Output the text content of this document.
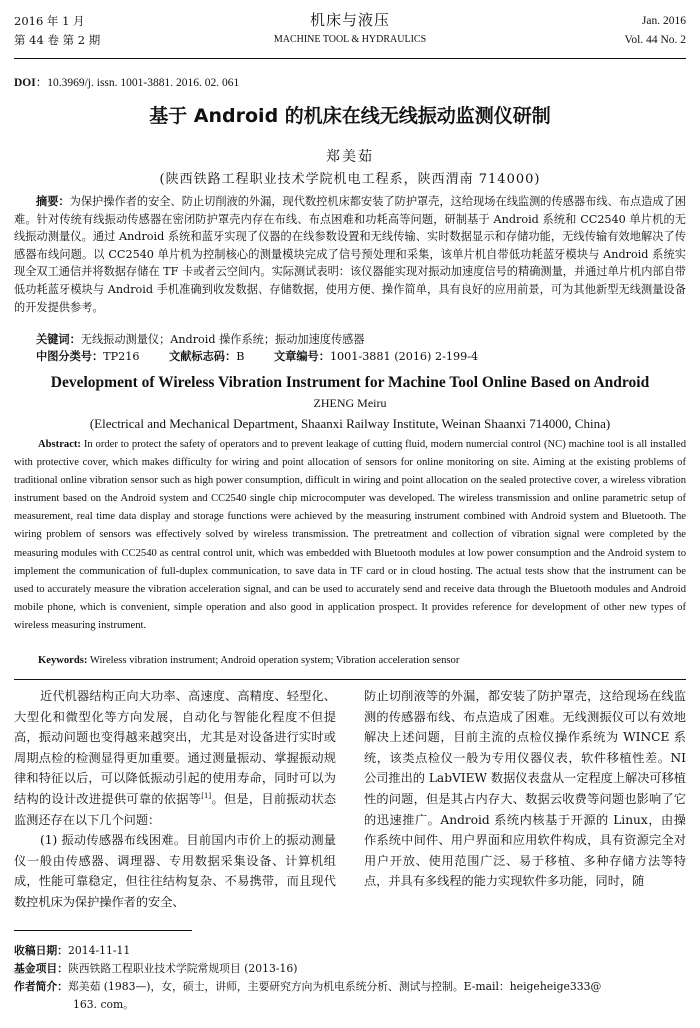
2016 年 1 月
第 44 卷 第 2 期
机床与液压
MACHINE TOOL & HYDRAULICS
Jan. 2016
Vol. 44 No. 2
DOI：10.3969/j. issn. 1001-3881. 2016. 02. 061
基于 Android 的机床在线无线振动监测仪研制
郑美茹
(陕西铁路工程职业技术学院机电工程系，陕西渭南 714000)
摘要：为保护操作者的安全、防止切削液的外漏，现代数控机床都安装了防护罩壳，这给现场在线监测的传感器布线、布点造成了困难。针对传统有线振动传感器在密闭防护罩壳内存在布线、布点困难和功耗高等问题，研制基于 Android 系统和 CC2540 单片机的无线振动测量仪。通过 Android 系统和蓝牙实现了仪器的在线参数设置和无线传输、实时数据显示和存储功能，无线传输有效地解决了传感器布线问题。以 CC2540 单片机为控制核心的测量模块完成了信号预处理和采集，该单片机自带低功耗蓝牙模块与 Android 系统实现全双工通信并将数据存储在 TF 卡或者云空间内。实际测试表明：该仪器能实现对振动加速度信号的精确测量，并通过单片机内部自带低功耗蓝牙模块与 Android 手机准确到收发数据、存储数据，使用方便、操作简单，具有良好的应用前景，可为其他新型无线测量设备的开发提供参考。
关键词：无线振动测量仪；Android 操作系统；振动加速度传感器
中图分类号：TP216	文献标志码：B	文章编号：1001-3881 (2016) 2-199-4
Development of Wireless Vibration Instrument for Machine Tool Online Based on Android
ZHENG Meiru
(Electrical and Mechanical Department, Shaanxi Railway Institute, Weinan Shaanxi 714000, China)
Abstract: In order to protect the safety of operators and to prevent leakage of cutting fluid, modern numercial control (NC) machine tool is all installed with protective cover, which makes difficulty for wiring and point allocation of sensors for online monitoring on site. Aiming at the existing problems of traditional online vibration sensor such as high power consumption, difficult in wiring and point allocation on the sealed protective cover, a wireless vibration instrument based on the Android system and CC2540 single chip microcomputer was developed. The wireless transmission and online parametric setup of measurement, real time data display and storage functions were achieved by the measuring instrument combined with Android system and Bluetooth. The wiring problem of sensors was effectively solved by wireless transmission. The pretreatment and collection of vibration signal were completed by the measuring modules with CC2540 as central control unit, which was embedded with Bluetooth modules at low power consumption and the Android system to implement the communication of full-duplex communication, to save data in TF card or in cloud hosting. The actual tests show that the instrument can be used to accurately measure the vibration acceleration signal, and can be used to accurately send and receive data through the Bluetooth modules and Android mobile phone, which is convenient, simple operation and also good in application prospect. It provides reference for development of other new types of wireless measuring instrument.
Keywords: Wireless vibration instrument; Android operation system; Vibration acceleration sensor

近代机器结构正向大功率、高速度、高精度、轻型化、大型化和微型化等方向发展，自动化与智能化程度不但提高，振动问题也变得越来越突出，尤其是对设备进行实时或周期点检的检测显得更加重要。通过测量振动、掌握振动规律和特征以后，可以降低振动引起的使用寿命，同时可以为结构的设计改进提供可靠的依据等[1]。但是，目前振动状态监测还存在以下几个问题：

(1) 振动传感器布线困难。目前国内市价上的振动测量仪一般由传感器、调理器、专用数据采集设备、计算机组成，性能可靠稳定，但往往结构复杂、不易携带，而且现代数控机床为保护操作者的安全、

防止切削液等的外漏，都安装了防护罩壳，这给现场在线监测的传感器布线、布点造成了困难。无线测振仪可以有效地解决上述问题，目前主流的点检仪操作系统为 WINCE 系统，该类点检仪一般为专用仪器仪表，软件移植性差。NI 公司推出的 LabVIEW 数据仪表盘从一定程度上解决可移植性的问题，但是其占内存大、数据云收费等问题也影响了它的迅速推广。Android 系统内核基于开源的 Linux，由操作系统中间件、用户界面和应用软件构成，具有资源完全对用户开放、使用范围广泛、易于移植、多种存储方法等特点，并具有多线程的能力实现软件多功能，同时，随

收稿日期：2014-11-11
基金项目：陕西铁路工程职业技术学院常规项目 (2013-16)
作者简介：郑美茹 (1983—)，女，硕士，讲师，主要研究方向为机电系统分析、测试与控制。E-mail：heigeheige333@
163. com。
